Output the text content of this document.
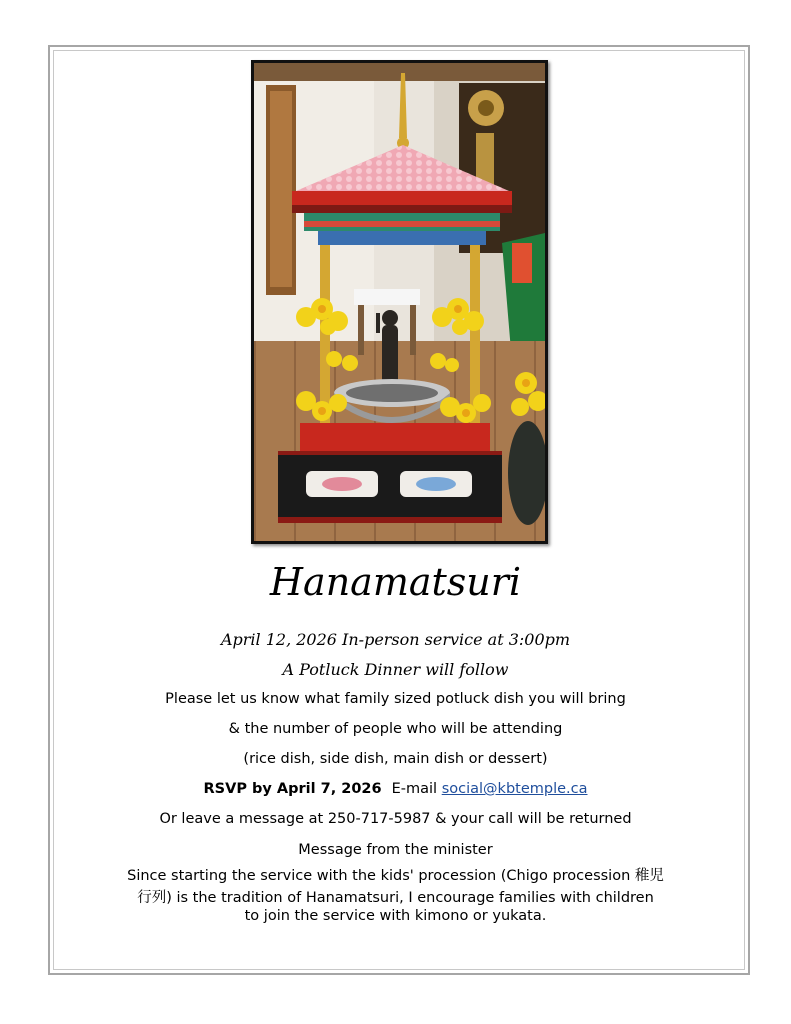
Hanamatsuri
April 12, 2026 In-person service at 3:00pm
A Potluck Dinner will follow
Please let us know what family sized potluck dish you will bring
& the number of people who will be attending
(rice dish, side dish, main dish or dessert)
RSVP by April 7, 2026 E-mail social@kbtemple.ca
Or leave a message at 250-717-5987 & your call will be returned
Message from the minister
Since starting the service with the kids' procession (Chigo procession 稚児
行列) is the tradition of Hanamatsuri, I encourage families with children
to join the service with kimono or yukata.
